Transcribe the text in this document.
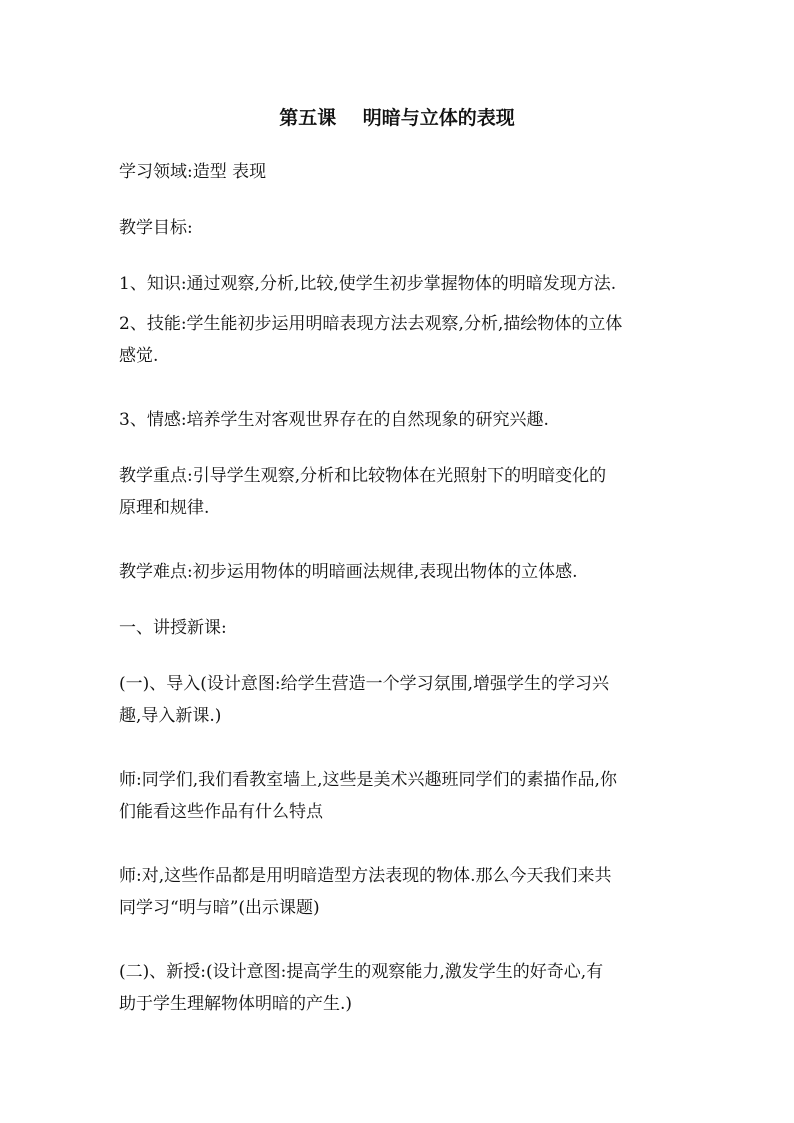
第五课    明暗与立体的表现
学习领域:造型 表现
教学目标:
1、知识:通过观察,分析,比较,使学生初步掌握物体的明暗发现方法.
2、技能:学生能初步运用明暗表现方法去观察,分析,描绘物体的立体
感觉.
3、情感:培养学生对客观世界存在的自然现象的研究兴趣.
教学重点:引导学生观察,分析和比较物体在光照射下的明暗变化的
原理和规律.
教学难点:初步运用物体的明暗画法规律,表现出物体的立体感.
一、讲授新课:
(一)、导入(设计意图:给学生营造一个学习氛围,增强学生的学习兴
趣,导入新课.)
师:同学们,我们看教室墙上,这些是美术兴趣班同学们的素描作品,你
们能看这些作品有什么特点
师:对,这些作品都是用明暗造型方法表现的物体.那么今天我们来共
同学习“明与暗”(出示课题)
(二)、新授:(设计意图:提高学生的观察能力,激发学生的好奇心,有
助于学生理解物体明暗的产生.)
